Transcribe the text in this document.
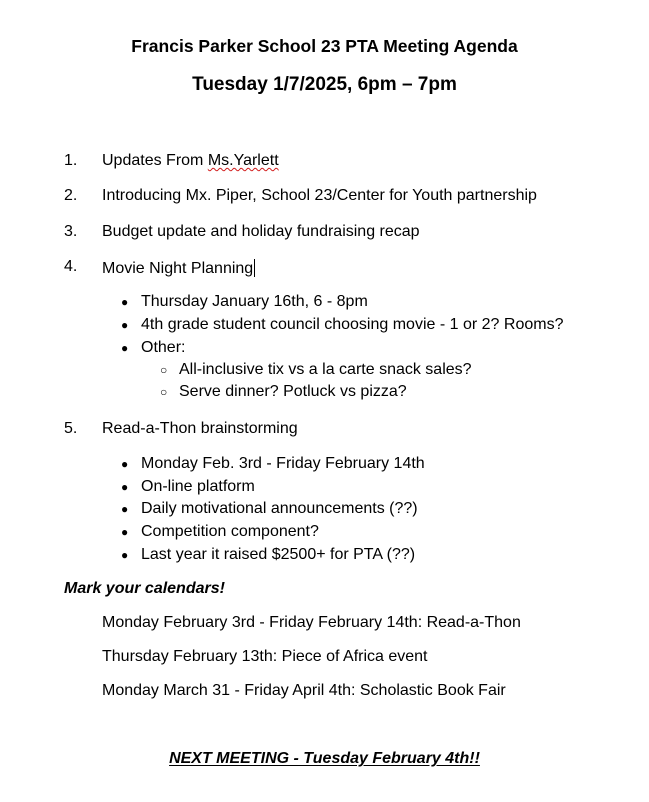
Francis Parker School 23 PTA Meeting Agenda
Tuesday 1/7/2025, 6pm – 7pm
1. Updates From Ms.Yarlett
2. Introducing Mx. Piper, School 23/Center for Youth partnership
3. Budget update and holiday fundraising recap
4. Movie Night Planning
● Thursday January 16th, 6 - 8pm
● 4th grade student council choosing movie - 1 or 2? Rooms?
● Other:
○ All-inclusive tix vs a la carte snack sales?
○ Serve dinner? Potluck vs pizza?
5. Read-a-Thon brainstorming
● Monday Feb. 3rd - Friday February 14th
● On-line platform
● Daily motivational announcements (??)
● Competition component?
● Last year it raised $2500+ for PTA (??)
Mark your calendars!
Monday February 3rd - Friday February 14th: Read-a-Thon
Thursday February 13th: Piece of Africa event
Monday March 31 - Friday April 4th: Scholastic Book Fair
NEXT MEETING - Tuesday February 4th!!
